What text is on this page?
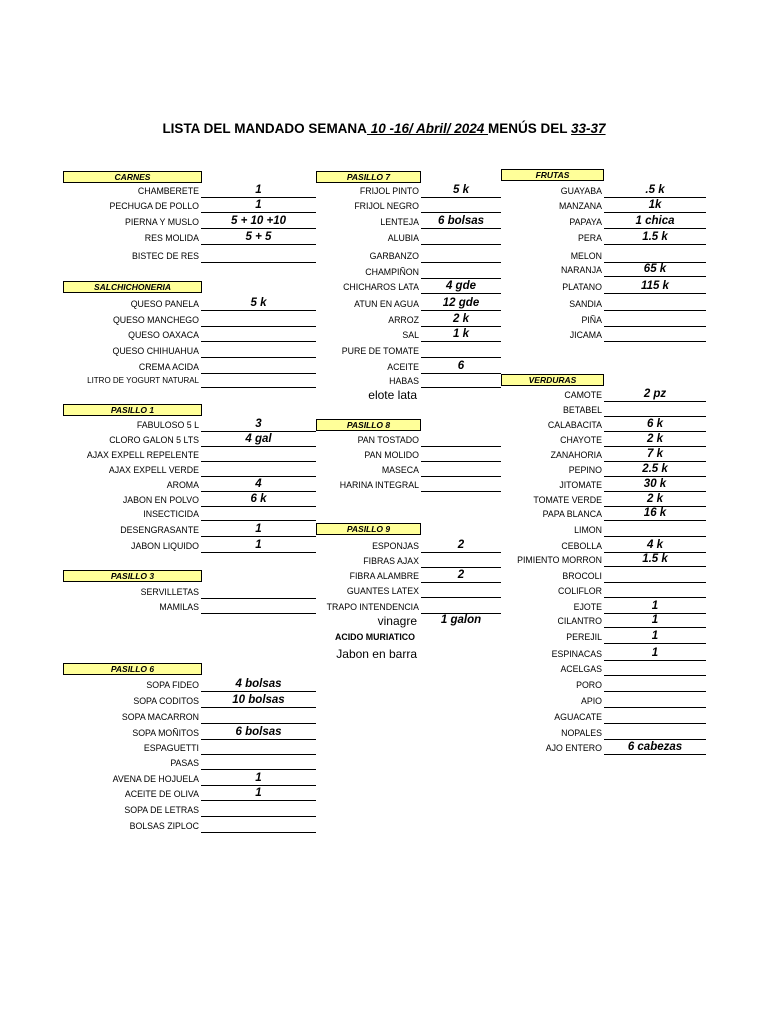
LISTA DEL MANDADO SEMANA 10 -16/ Abril/ 2024 MENÚS DEL 33-37
CARNES
CHAMBERETE	1
PECHUGA DE POLLO	1
PIERNA Y MUSLO	5 + 10 +10
RES MOLIDA	5 + 5
BISTEC DE RES
SALCHICHONERIA
QUESO PANELA	5 k
QUESO MANCHEGO
QUESO OAXACA
QUESO CHIHUAHUA
CREMA ACIDA
LITRO DE YOGURT NATURAL
PASILLO 1
FABULOSO 5 L	3
CLORO GALON 5 LTS	4 gal
AJAX EXPELL REPELENTE
AJAX EXPELL VERDE
AROMA	4
JABON EN POLVO	6 k
INSECTICIDA
DESENGRASANTE	1
JABON LIQUIDO	1
PASILLO 3
SERVILLETAS
MAMILAS
PASILLO 6
SOPA FIDEO	4 bolsas
SOPA CODITOS	10 bolsas
SOPA MACARRON
SOPA MOÑITOS	6 bolsas
ESPAGUETTI
PASAS
AVENA DE HOJUELA	1
ACEITE DE OLIVA	1
SOPA DE LETRAS
BOLSAS ZIPLOC
PASILLO 7
FRIJOL PINTO	5 k
FRIJOL NEGRO
LENTEJA	6 bolsas
ALUBIA
GARBANZO
CHAMPIÑON
CHICHAROS LATA	4 gde
ATUN EN AGUA	12 gde
ARROZ	2 k
SAL	1 k
PURE DE TOMATE
ACEITE	6
HABAS
elote lata
PASILLO 8
PAN TOSTADO
PAN MOLIDO
MASECA
HARINA INTEGRAL
PASILLO 9
ESPONJAS	2
FIBRAS AJAX
FIBRA ALAMBRE	2
GUANTES LATEX
TRAPO INTENDENCIA
vinagre	1 galon
ACIDO MURIATICO
Jabon en barra
FRUTAS
GUAYABA	.5 k
MANZANA	1k
PAPAYA	1 chica
PERA	1.5 k
MELON
NARANJA	65 k
PLATANO	115 k
SANDIA
PIÑA
JICAMA
VERDURAS
CAMOTE	2 pz
BETABEL
CALABACITA	6 k
CHAYOTE	2 k
ZANAHORIA	7 k
PEPINO	2.5 k
JITOMATE	30 k
TOMATE VERDE	2 k
PAPA BLANCA	16 k
LIMON
CEBOLLA	4 k
PIMIENTO MORRON	1.5 k
BROCOLI
COLIFLOR
EJOTE	1
CILANTRO	1
PEREJIL	1
ESPINACAS	1
ACELGAS
PORO
APIO
AGUACATE
NOPALES
AJO ENTERO	6 cabezas
